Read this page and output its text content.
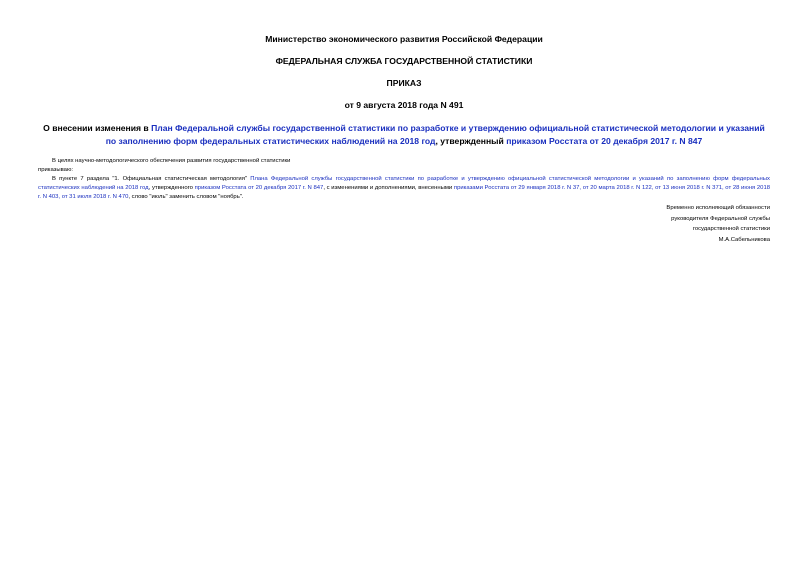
Министерство экономического развития Российской Федерации
ФЕДЕРАЛЬНАЯ СЛУЖБА ГОСУДАРСТВЕННОЙ СТАТИСТИКИ
ПРИКАЗ
от 9 августа 2018 года N 491
О внесении изменения в План Федеральной службы государственной статистики по разработке и утверждению официальной статистической методологии и указаний по заполнению форм федеральных статистических наблюдений на 2018 год, утвержденный приказом Росстата от 20 декабря 2017 г. N 847
В целях научно-методологического обеспечения развития государственной статистики
приказываю:
В пункте 7 раздела "1. Официальная статистическая методология" Плана Федеральной службы государственной статистики по разработке и утверждению официальной статистической методологии и указаний по заполнению форм федеральных статистических наблюдений на 2018 год, утвержденного приказом Росстата от 20 декабря 2017 г. N 847, с изменениями и дополнениями, внесенными приказами Росстата от 29 января 2018 г. N 37, от 20 марта 2018 г. N 122, от 13 июня 2018 г. N 371, от 28 июня 2018 г. N 403, от 31 июля 2018 г. N 470, слово "июль" заменить словом "ноябрь".
Временно исполняющий обязанности
руководителя Федеральной службы
государственной статистики
М.А.Сабельникова
